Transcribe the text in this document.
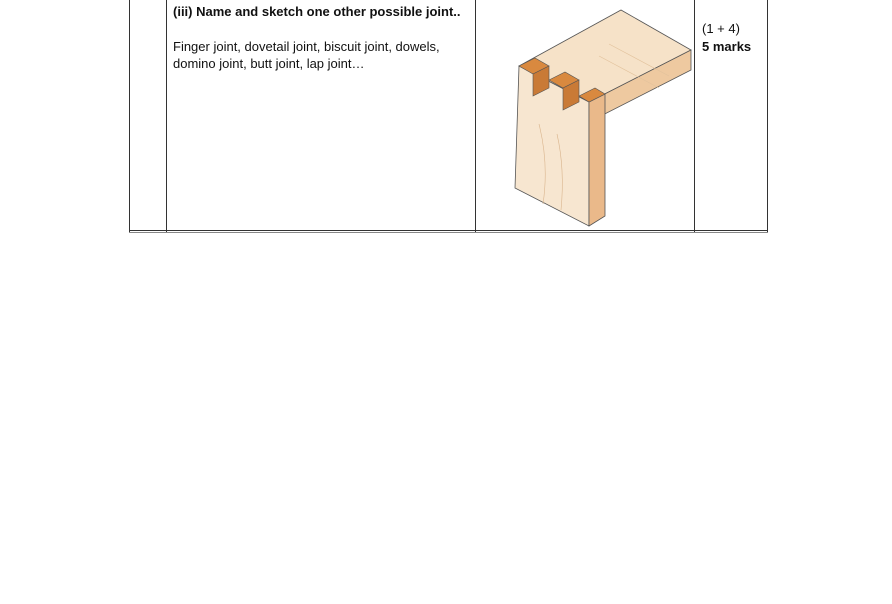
(iii) Name and sketch one other possible joint..
Finger joint, dovetail joint, biscuit joint, dowels,
domino joint, butt joint, lap joint…
(1 + 4)
5 marks
